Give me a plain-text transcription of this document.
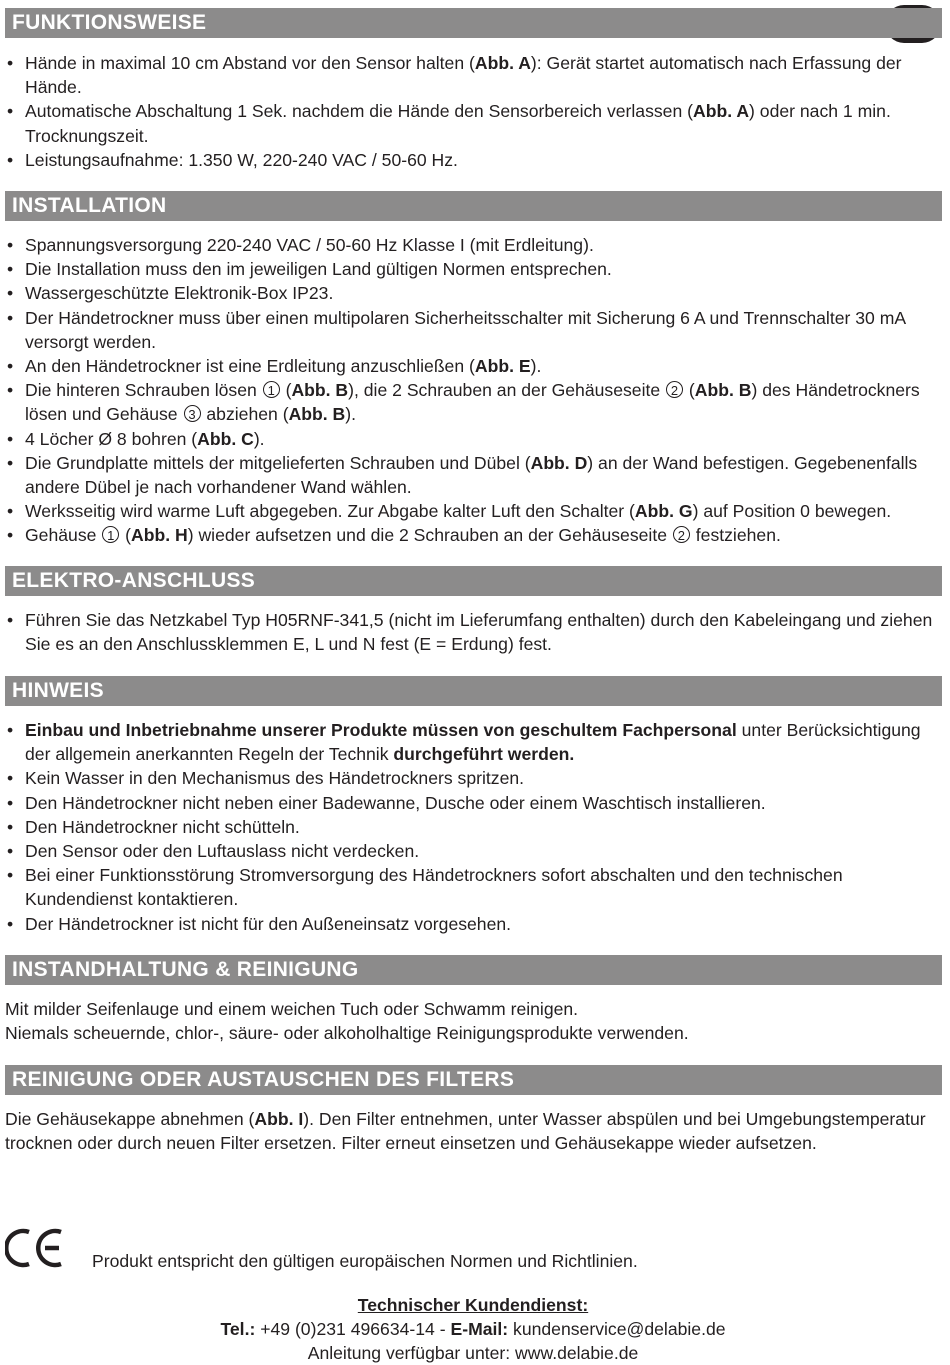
FUNKTIONSWEISE
• Hände in maximal 10 cm Abstand vor den Sensor halten (Abb. A): Gerät startet automatisch nach Erfassung der Hände.
• Automatische Abschaltung 1 Sek. nachdem die Hände den Sensorbereich verlassen (Abb. A) oder nach 1 min. Trocknungszeit.
• Leistungsaufnahme: 1.350 W, 220-240 VAC / 50-60 Hz.
INSTALLATION
• Spannungsversorgung 220-240 VAC / 50-60 Hz Klasse I (mit Erdleitung).
• Die Installation muss den im jeweiligen Land gültigen Normen entsprechen.
• Wassergeschützte Elektronik-Box IP23.
• Der Händetrockner muss über einen multipolaren Sicherheitsschalter mit Sicherung 6 A und Trennschalter 30 mA versorgt werden.
• An den Händetrockner ist eine Erdleitung anzuschließen (Abb. E).
• Die hinteren Schrauben lösen 1 (Abb. B), die 2 Schrauben an der Gehäuseseite 2 (Abb. B) des Händetrockners lösen und Gehäuse 3 abziehen (Abb. B).
• 4 Löcher Ø 8 bohren (Abb. C).
• Die Grundplatte mittels der mitgelieferten Schrauben und Dübel (Abb. D) an der Wand befestigen. Gegebenenfalls andere Dübel je nach vorhandener Wand wählen.
• Werksseitig wird warme Luft abgegeben. Zur Abgabe kalter Luft den Schalter (Abb. G) auf Position 0 bewegen.
• Gehäuse 1 (Abb. H) wieder aufsetzen und die 2 Schrauben an der Gehäuseseite 2 festziehen.
ELEKTRO-ANSCHLUSS
• Führen Sie das Netzkabel Typ H05RNF-341,5 (nicht im Lieferumfang enthalten) durch den Kabeleingang und ziehen Sie es an den Anschlussklemmen E, L und N fest (E = Erdung) fest.
HINWEIS
• Einbau und Inbetriebnahme unserer Produkte müssen von geschultem Fachpersonal unter Berücksichtigung der allgemein anerkannten Regeln der Technik durchgeführt werden.
• Kein Wasser in den Mechanismus des Händetrockners spritzen.
• Den Händetrockner nicht neben einer Badewanne, Dusche oder einem Waschtisch installieren.
• Den Händetrockner nicht schütteln.
• Den Sensor oder den Luftauslass nicht verdecken.
• Bei einer Funktionsstörung Stromversorgung des Händetrockners sofort abschalten und den technischen Kundendienst kontaktieren.
• Der Händetrockner ist nicht für den Außeneinsatz vorgesehen.
INSTANDHALTUNG & REINIGUNG
Mit milder Seifenlauge und einem weichen Tuch oder Schwamm reinigen.
Niemals scheuernde, chlor-, säure- oder alkoholhaltige Reinigungsprodukte verwenden.
REINIGUNG ODER AUSTAUSCHEN DES FILTERS

Die Gehäusekappe abnehmen (Abb. I). Den Filter entnehmen, unter Wasser abspülen und bei Umgebungstemperatur trocknen oder durch neuen Filter ersetzen. Filter erneut einsetzen und Gehäusekappe wieder aufsetzen.

Produkt entspricht den gültigen europäischen Normen und Richtlinien.
Technischer Kundendienst:
Tel.: +49 (0)231 496634-14 - E-Mail: kundenservice@delabie.de
Anleitung verfügbar unter: www.delabie.de
